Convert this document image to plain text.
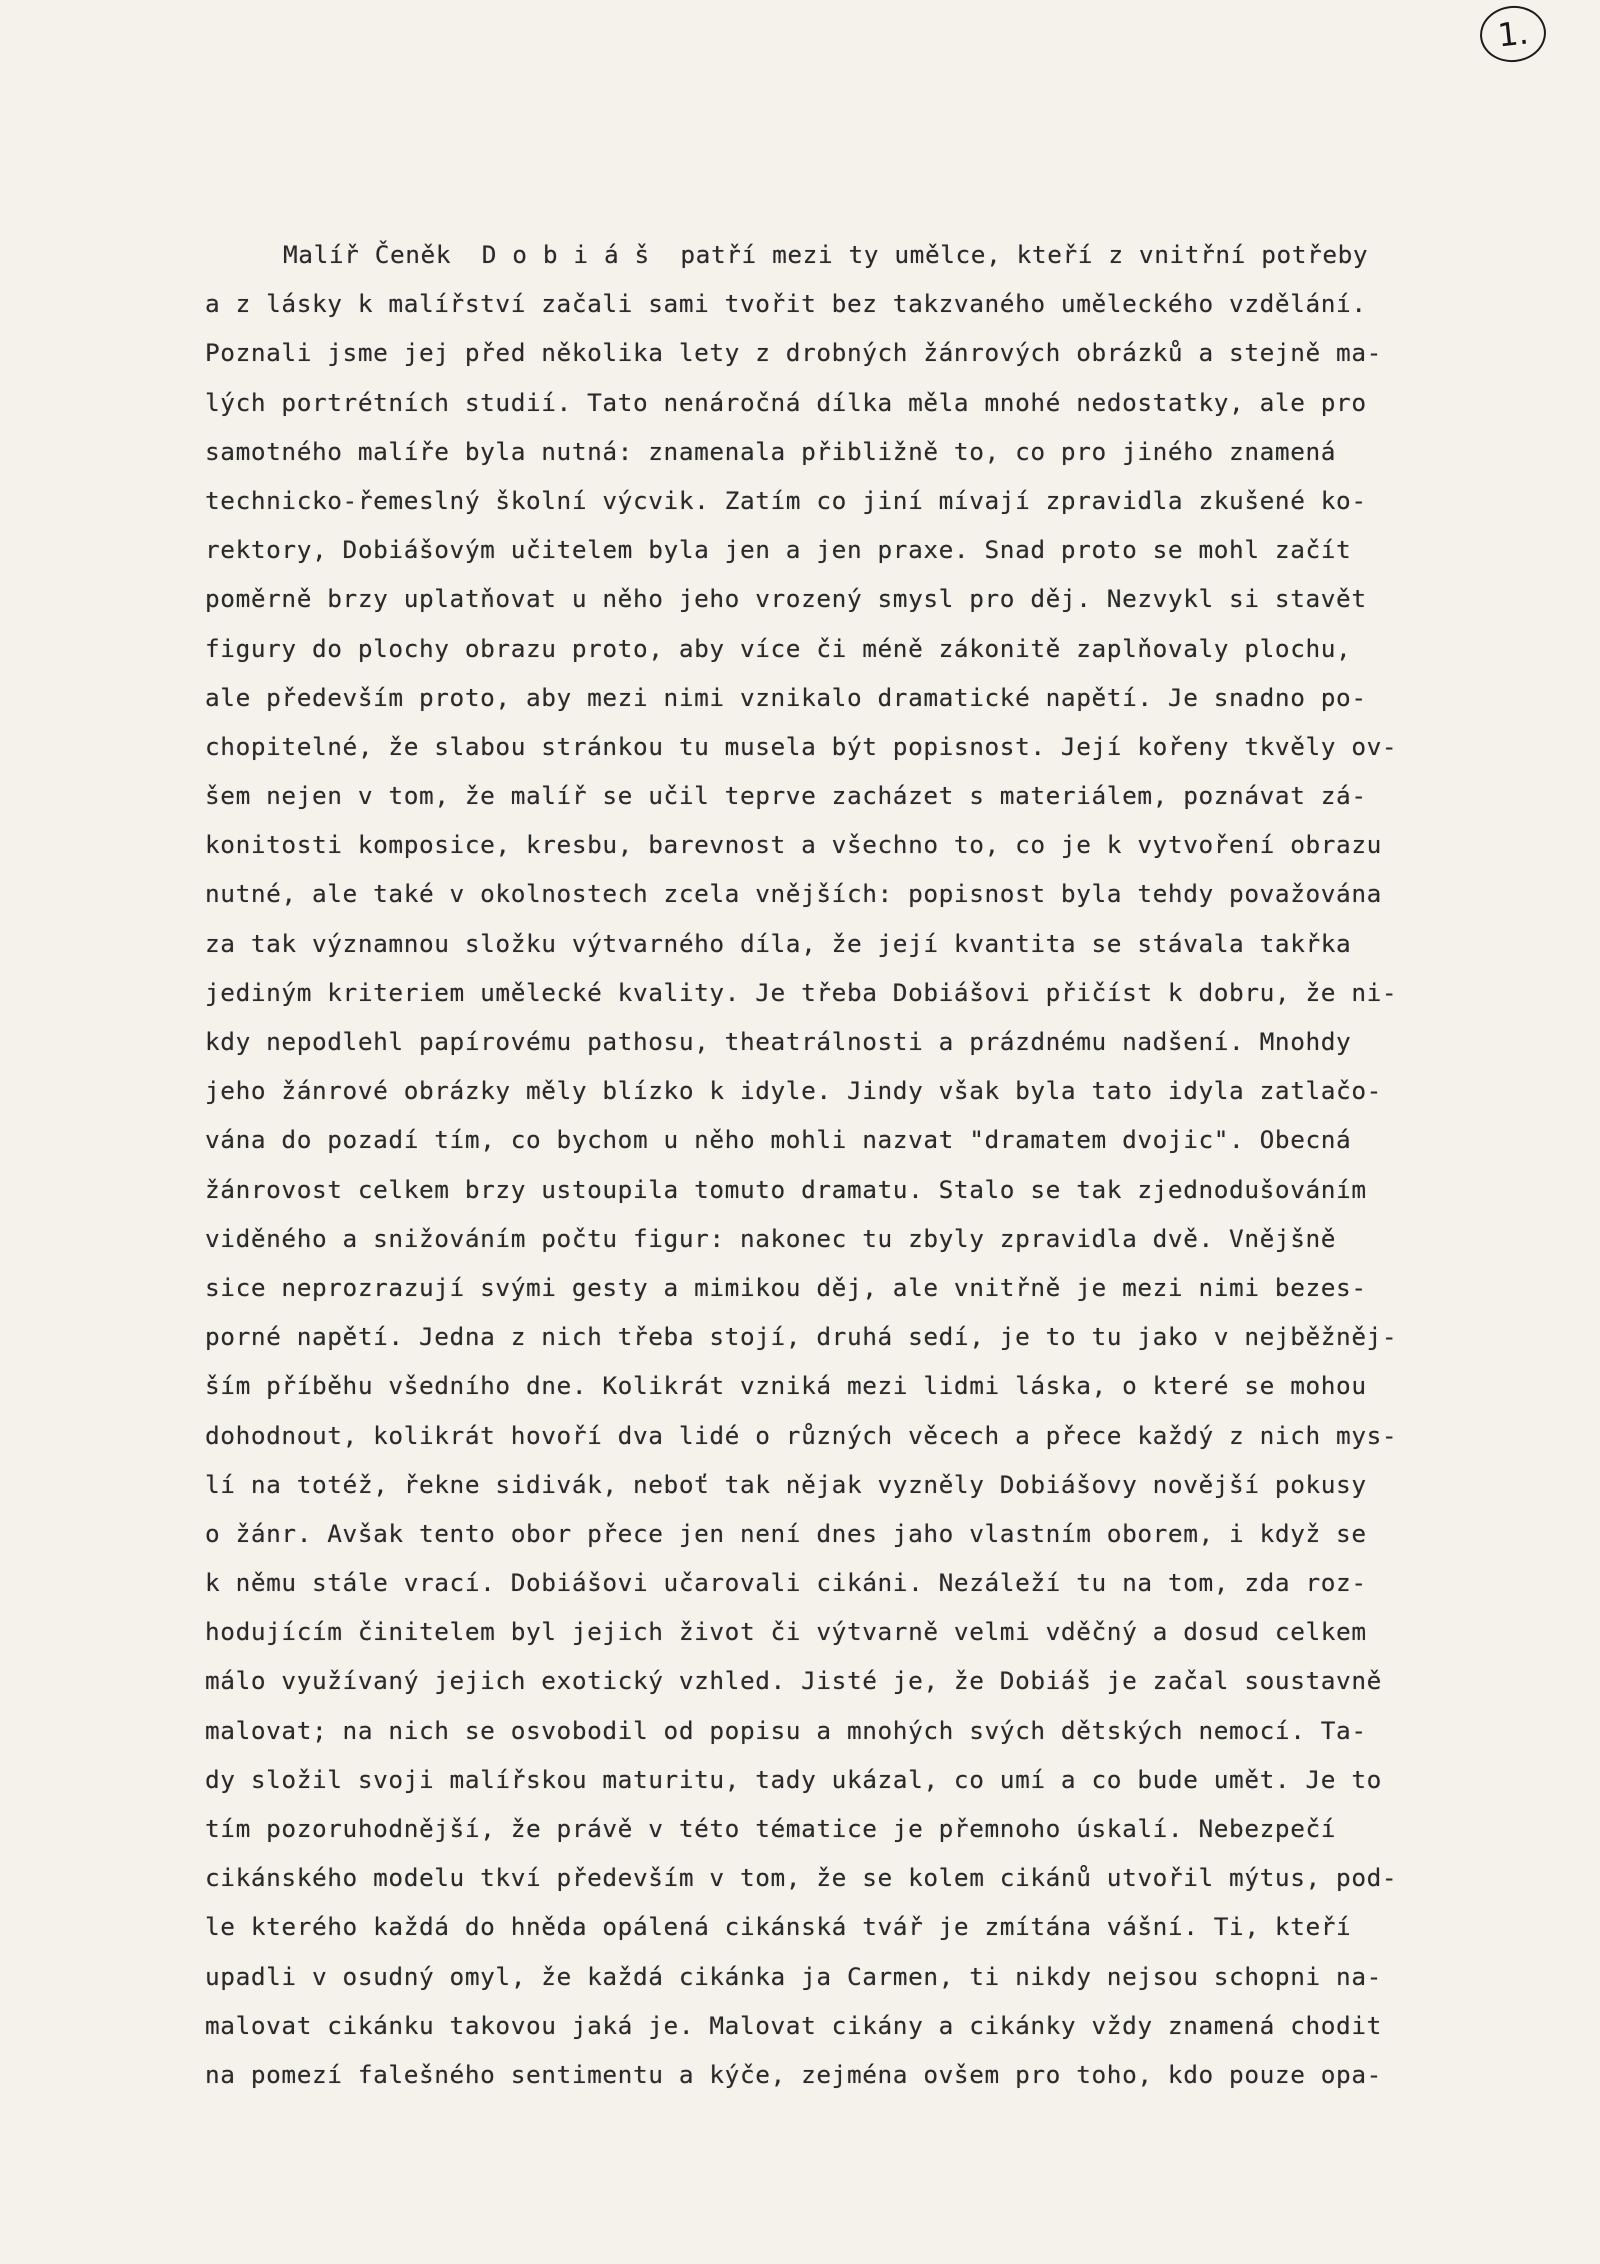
1.
Malíř Čeněk  D o b i á š  patří mezi ty umělce, kteří z vnitřní potřeby
a z lásky k malířství začali sami tvořit bez takzvaného uměleckého vzdělání.
Poznali jsme jej před několika lety z drobných žánrových obrázků a stejně ma-
lých portrétních studií. Tato nenáročná dílka měla mnohé nedostatky, ale pro
samotného malíře byla nutná: znamenala přibližně to, co pro jiného znamená
technicko-řemeslný školní výcvik. Zatím co jiní mívají zpravidla zkušené ko-
rektory, Dobiášovým učitelem byla jen a jen praxe. Snad proto se mohl začít
poměrně brzy uplatňovat u něho jeho vrozený smysl pro děj. Nezvykl si stavět
figury do plochy obrazu proto, aby více či méně zákonitě zaplňovaly plochu,
ale především proto, aby mezi nimi vznikalo dramatické napětí. Je snadno po-
chopitelné, že slabou stránkou tu musela být popisnost. Její kořeny tkvěly ov-
šem nejen v tom, že malíř se učil teprve zacházet s materiálem, poznávat zá-
konitosti komposice, kresbu, barevnost a všechno to, co je k vytvoření obrazu
nutné, ale také v okolnostech zcela vnějších: popisnost byla tehdy považována
za tak významnou složku výtvarného díla, že její kvantita se stávala takřka
jediným kriteriem umělecké kvality. Je třeba Dobiášovi přičíst k dobru, že ni-
kdy nepodlehl papírovému pathosu, theatrálnosti a prázdnému nadšení. Mnohdy
jeho žánrové obrázky měly blízko k idyle. Jindy však byla tato idyla zatlačo-
vána do pozadí tím, co bychom u něho mohli nazvat "dramatem dvojic". Obecná
žánrovost celkem brzy ustoupila tomuto dramatu. Stalo se tak zjednodušováním
viděného a snižováním počtu figur: nakonec tu zbyly zpravidla dvě. Vnějšně
sice neprozrazují svými gesty a mimikou děj, ale vnitřně je mezi nimi bezes-
porné napětí. Jedna z nich třeba stojí, druhá sedí, je to tu jako v nejběžněj-
ším příběhu všedního dne. Kolikrát vzniká mezi lidmi láska, o které se mohou
dohodnout, kolikrát hovoří dva lidé o různých věcech a přece každý z nich mys-
lí na totéž, řekne sidivák, neboť tak nějak vyzněly Dobiášovy novější pokusy
o žánr. Avšak tento obor přece jen není dnes jaho vlastním oborem, i když se
k němu stále vrací. Dobiášovi učarovali cikáni. Nezáleží tu na tom, zda roz-
hodujícím činitelem byl jejich život či výtvarně velmi vděčný a dosud celkem
málo využívaný jejich exotický vzhled. Jisté je, že Dobiáš je začal soustavně
malovat; na nich se osvobodil od popisu a mnohých svých dětských nemocí. Ta-
dy složil svoji malířskou maturitu, tady ukázal, co umí a co bude umět. Je to
tím pozoruhodnější, že právě v této tématice je přemnoho úskalí. Nebezpečí
cikánského modelu tkví především v tom, že se kolem cikánů utvořil mýtus, pod-
le kterého každá do hněda opálená cikánská tvář je zmítána vášní. Ti, kteří
upadli v osudný omyl, že každá cikánka ja Carmen, ti nikdy nejsou schopni na-
malovat cikánku takovou jaká je. Malovat cikány a cikánky vždy znamená chodit
na pomezí falešného sentimentu a kýče, zejména ovšem pro toho, kdo pouze opa-
